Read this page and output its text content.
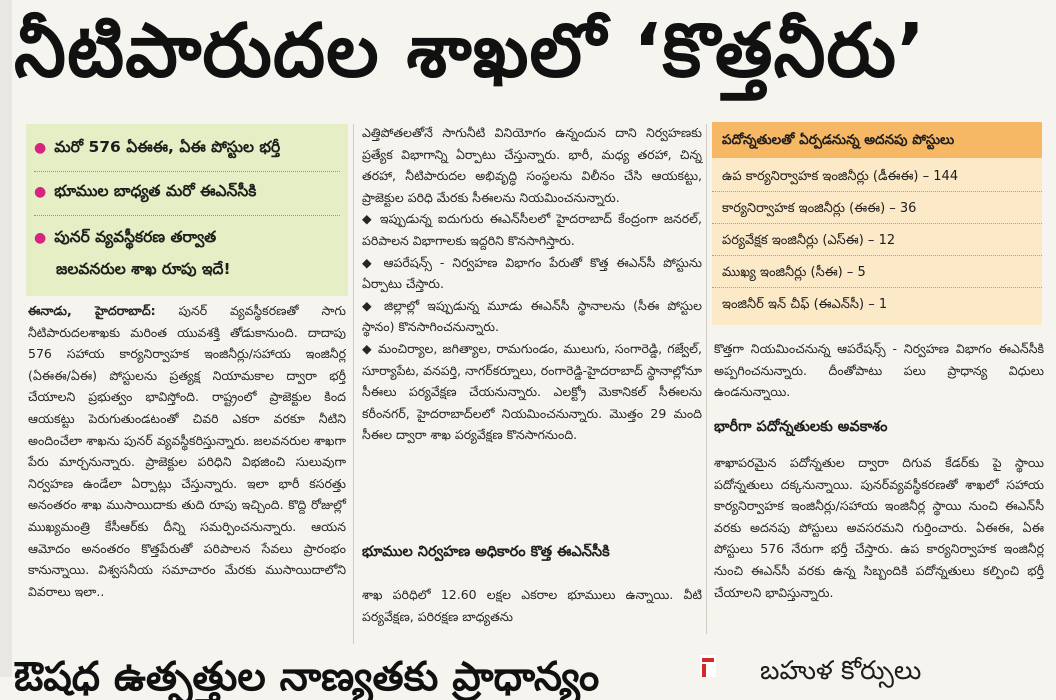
నీటిపారుదల శాఖలో ‘కొత్తనీరు’
● మరో 576 ఏఈఈ, ఏఈ పోస్టుల భర్తీ
● భూముల బాధ్యత మరో ఈఎన్‌సీకి
● పునర్ వ్యవస్థీకరణ తర్వాత
జలవనరుల శాఖ రూపు ఇదే!

ఈనాడు, హైదరాబాద్: పునర్ వ్యవస్థీకరణతో సాగు నీటిపారుదలశాఖకు మరింత యువశక్తి తోడుకానుంది. దాదాపు 576 సహాయ కార్యనిర్వాహక ఇంజినీర్లు/సహాయ ఇంజినీర్ల (ఏఈఈ/ఏఈ) పోస్టులను ప్రత్యక్ష నియామకాల ద్వారా భర్తీ చేయాలని ప్రభుత్వం భావిస్తోంది. రాష్ట్రంలో ప్రాజెక్టుల కింద ఆయకట్టు పెరుగుతుండటంతో చివరి ఎకరా వరకూ నీటిని అందించేలా శాఖను పునర్ వ్యవస్థీకరిస్తున్నారు. జలవనరుల శాఖగా పేరు మార్చనున్నారు. ప్రాజెక్టుల పరిధిని విభజించి సులువుగా నిర్వహణ ఉండేలా ఏర్పాట్లు చేస్తున్నారు. ఇలా భారీ కసరత్తు అనంతరం శాఖ ముసాయిదాకు తుది రూపు ఇచ్చింది. కొద్ది రోజుల్లో ముఖ్యమంత్రి కేసీఆర్‌కు దీన్ని సమర్పించనున్నారు. ఆయన ఆమోదం అనంతరం కొత్తపేరుతో పరిపాలన సేవలు ప్రారంభం కానున్నాయి. విశ్వసనీయ సమాచారం మేరకు ముసాయిదాలోని వివరాలు ఇలా..

ఎత్తిపోతలతోనే సాగునీటి వినియోగం ఉన్నందున దాని నిర్వహణకు ప్రత్యేక విభాగాన్ని ఏర్పాటు చేస్తున్నారు. భారీ, మధ్య తరహా, చిన్న తరహా, నీటిపారుదల అభివృద్ధి సంస్థలను విలీనం చేసి ఆయకట్టు, ప్రాజెక్టుల పరిధి మేరకు సీఈలను నియమించనున్నారు.

◆ ఇప్పుడున్న ఐదుగురు ఈఎన్‌సీలలో హైదరాబాద్ కేంద్రంగా జనరల్, పరిపాలన విభాగాలకు ఇద్దరిని కొనసాగిస్తారు.

◆ ఆపరేషన్స్ - నిర్వహణ విభాగం పేరుతో కొత్త ఈఎన్‌సీ పోస్టును ఏర్పాటు చేస్తారు.

◆ జిల్లాల్లో ఇప్పుడున్న మూడు ఈఎన్‌సీ స్థానాలను (సీఈ పోస్టుల స్థానం) కొనసాగించనున్నారు.

◆ మంచిర్యాల, జగిత్యాల, రామగుండం, ములుగు, సంగారెడ్డి, గజ్వేల్, సూర్యాపేట, వనపర్తి, నాగర్‌కర్నూలు, రంగారెడ్డి-హైదరాబాద్ స్థానాల్లోనూ సీఈలు పర్యవేక్షణ చేయనున్నారు. ఎలక్ట్రో మెకానికల్ సీఈలను కరీంనగర్, హైదరాబాద్‌లలో నియమించనున్నారు. మొత్తం 29 మంది సీఈల ద్వారా శాఖ పర్యవేక్షణ కొనసాగనుంది.

భూముల నిర్వహణ అధికారం కొత్త ఈఎన్‌సీకి

శాఖ పరిధిలో 12.60 లక్షల ఎకరాల భూములు ఉన్నాయి. వీటి పర్యవేక్షణ, పరిరక్షణ బాధ్యతను

పదోన్నతులతో ఏర్పడనున్న అదనపు పోస్టులు
ఉప కార్యనిర్వాహక ఇంజినీర్లు (డీఈఈ) – 144
కార్యనిర్వాహక ఇంజినీర్లు (ఈఈ) – 36
పర్యవేక్షక ఇంజినీర్లు (ఎస్‌ఈ) – 12
ముఖ్య ఇంజినీర్లు (సీఈ) – 5
ఇంజినీర్ ఇన్ చీఫ్ (ఈఎన్‌సీ) – 1

కొత్తగా నియమించనున్న ఆపరేషన్స్ - నిర్వహణ విభాగం ఈఎన్‌సీకి అప్పగించనున్నారు. దీంతోపాటు పలు ప్రాధాన్య విధులు ఉండనున్నాయి.

భారీగా పదోన్నతులకు అవకాశం

శాఖాపరమైన పదోన్నతుల ద్వారా దిగువ కేడర్‌కు పై స్థాయి పదోన్నతులు దక్కనున్నాయి. పునర్‌వ్యవస్థీకరణతో శాఖలో సహాయ కార్యనిర్వాహక ఇంజినీర్లు/సహాయ ఇంజినీర్ల స్థాయి నుంచి ఈఎన్‌సీ వరకు అదనపు పోస్టులు అవసరమని గుర్తించారు. ఏఈఈ, ఏఈ పోస్టులు 576 నేరుగా భర్తీ చేస్తారు. ఉప కార్యనిర్వాహక ఇంజినీర్ల నుంచి ఈఎన్‌సీ వరకు ఉన్న సిబ్బందికి పదోన్నతులు కల్పించి భర్తీ చేయాలని భావిస్తున్నారు.

ఔషధ ఉత్పత్తుల నాణ్యతకు ప్రాధాన్యం	బహుళ కోర్సులు
